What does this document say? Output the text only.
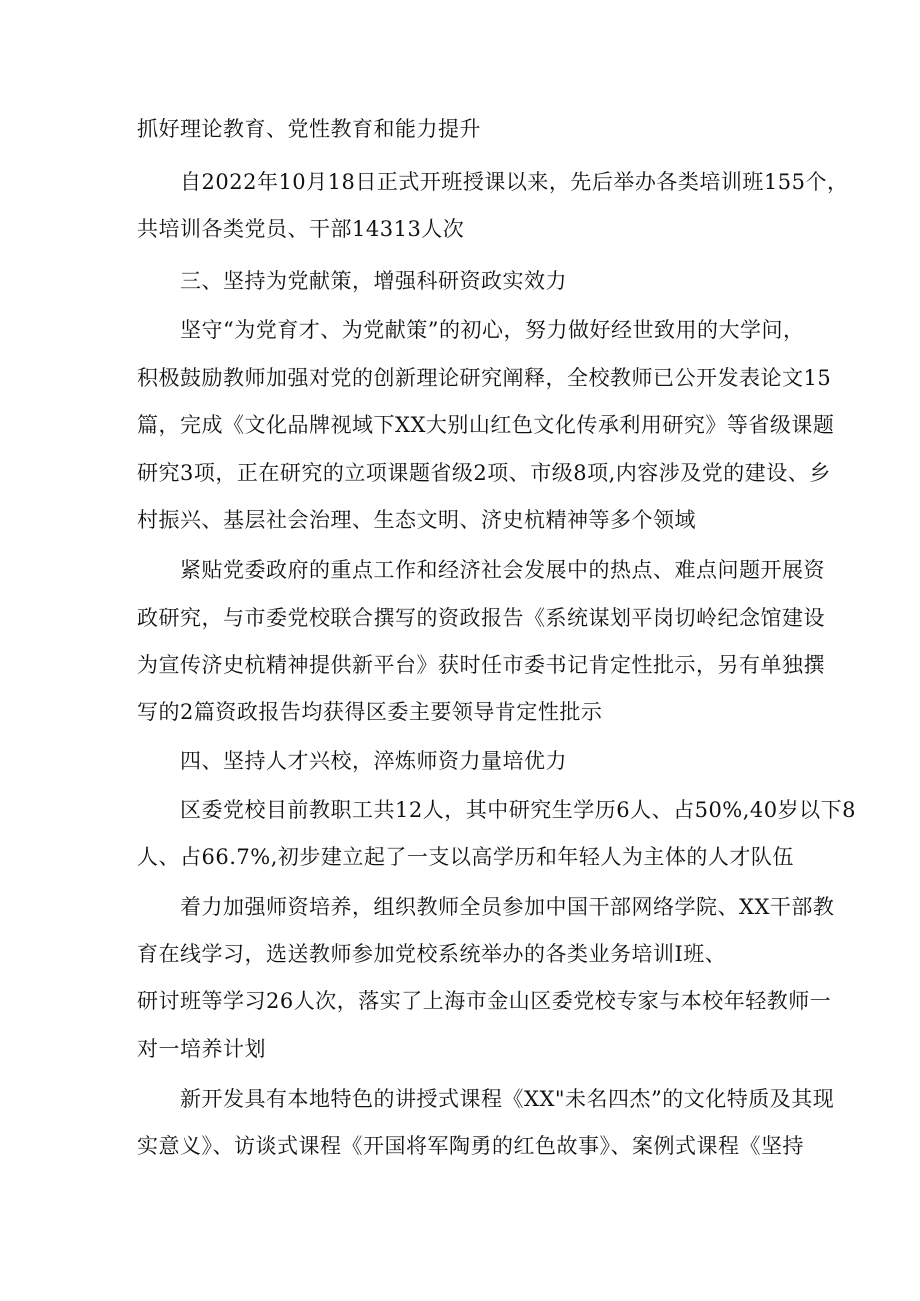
抓好理论教育、党性教育和能力提升
自2022年10月18日正式开班授课以来，先后举办各类培训班155个，
共培训各类党员、干部14313人次
三、坚持为党献策，增强科研资政实效力
坚守“为党育才、为党献策”的初心，努力做好经世致用的大学问，
积极鼓励教师加强对党的创新理论研究阐释，全校教师已公开发表论文15
篇，完成《文化品牌视域下XX大别山红色文化传承利用研究》等省级课题
研究3项，正在研究的立项课题省级2项、市级8项,内容涉及党的建设、乡
村振兴、基层社会治理、生态文明、济史杭精神等多个领域
紧贴党委政府的重点工作和经济社会发展中的热点、难点问题开展资
政研究，与市委党校联合撰写的资政报告《系统谋划平岗切岭纪念馆建设
为宣传济史杭精神提供新平台》获时任市委书记肯定性批示，另有单独撰
写的2篇资政报告均获得区委主要领导肯定性批示
四、坚持人才兴校，淬炼师资力量培优力
区委党校目前教职工共12人，其中研究生学历6人、占50%,40岁以下8
人、占66.7%,初步建立起了一支以高学历和年轻人为主体的人才队伍
着力加强师资培养，组织教师全员参加中国干部网络学院、XX干部教
育在线学习，选送教师参加党校系统举办的各类业务培训I班、
研讨班等学习26人次，落实了上海市金山区委党校专家与本校年轻教师一
对一培养计划
新开发具有本地特色的讲授式课程《XX"未名四杰”的文化特质及其现
实意义》、访谈式课程《开国将军陶勇的红色故事》、案例式课程《坚持
